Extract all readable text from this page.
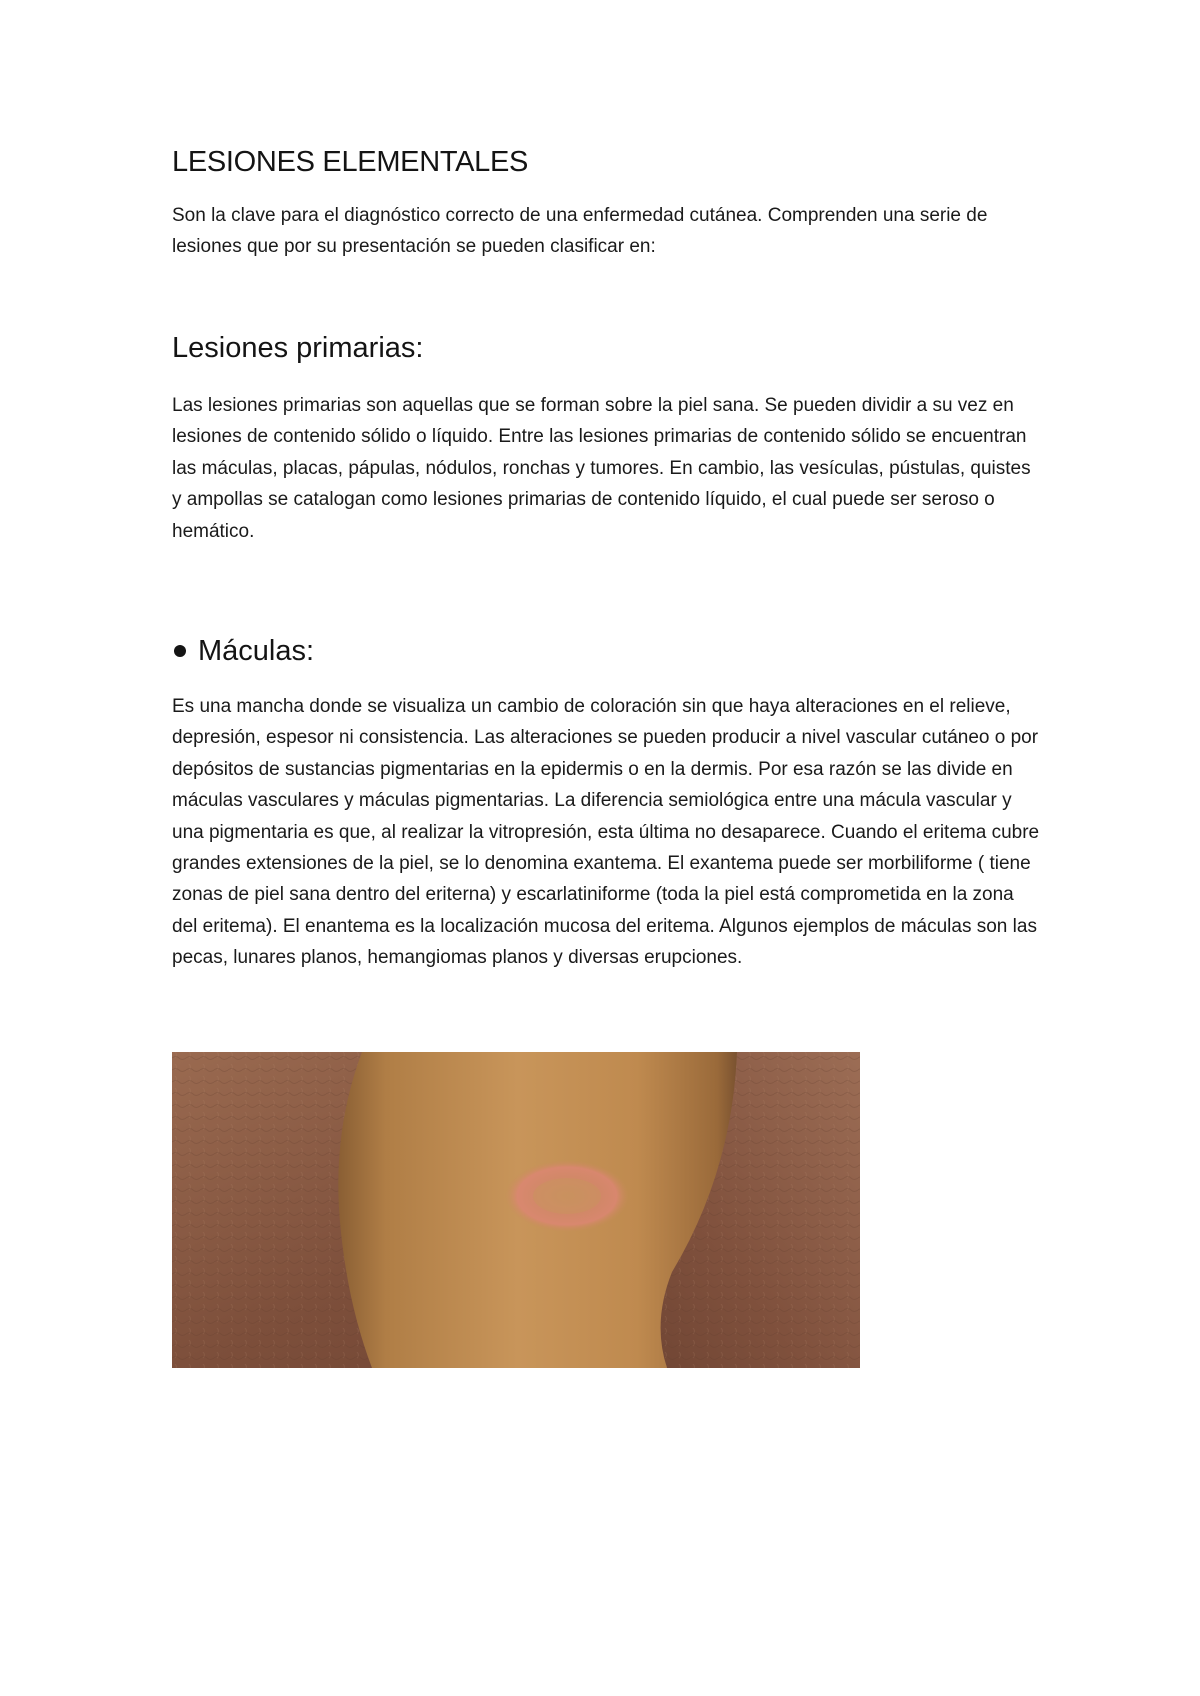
LESIONES ELEMENTALES

Son la clave para el diagnóstico correcto de una enfermedad cutánea. Comprenden una serie de lesiones que por su presentación se pueden clasificar en:

Lesiones primarias:

Las lesiones primarias son aquellas que se forman sobre la piel sana. Se pueden dividir a su vez en lesiones de contenido sólido o líquido. Entre las lesiones primarias de contenido sólido se encuentran las máculas, placas, pápulas, nódulos, ronchas y tumores. En cambio, las vesículas, pústulas, quistes y ampollas se catalogan como lesiones primarias de contenido líquido, el cual puede ser seroso o hemático.

Máculas:

Es una mancha donde se visualiza un cambio de coloración sin que haya alteraciones en el relieve, depresión, espesor ni consistencia. Las alteraciones se pueden producir a nivel vascular cutáneo o por depósitos de sustancias pigmentarias en la epidermis o en la dermis. Por esa razón se las divide en máculas vasculares y máculas pigmentarias. La diferencia semiológica entre una mácula vascular y una pigmentaria es que, al realizar la vitropresión, esta última no desaparece. Cuando el eritema cubre grandes extensiones de la piel, se lo denomina exantema. El exantema puede ser morbiliforme ( tiene zonas de piel sana dentro del eriterna) y escarlatiniforme (toda la piel está comprometida en la zona del eritema). El enantema es la localización mucosa del eritema. Algunos ejemplos de máculas son las pecas, lunares planos, hemangiomas planos y diversas erupciones.
